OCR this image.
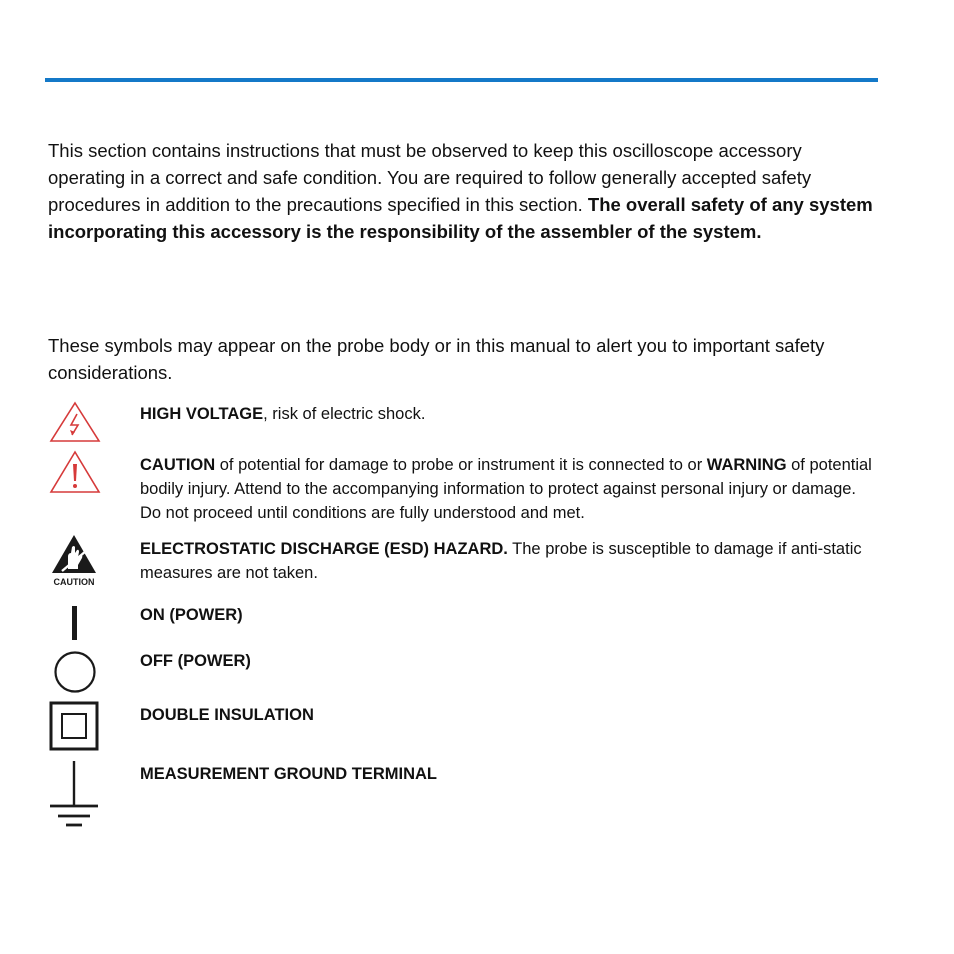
This section contains instructions that must be observed to keep this oscilloscope accessory operating in a correct and safe condition. You are required to follow generally accepted safety procedures in addition to the precautions specified in this section. The overall safety of any system incorporating this accessory is the responsibility of the assembler of the system.

These symbols may appear on the probe body or in this manual to alert you to important safety considerations.

HIGH VOLTAGE, risk of electric shock.

CAUTION of potential for damage to probe or instrument it is connected to or WARNING of potential bodily injury. Attend to the accompanying information to protect against personal injury or damage. Do not proceed until conditions are fully understood and met.

CAUTION

ELECTROSTATIC DISCHARGE (ESD) HAZARD. The probe is susceptible to damage if anti-static measures are not taken.

ON (POWER)

OFF (POWER)

DOUBLE INSULATION

MEASUREMENT GROUND TERMINAL
